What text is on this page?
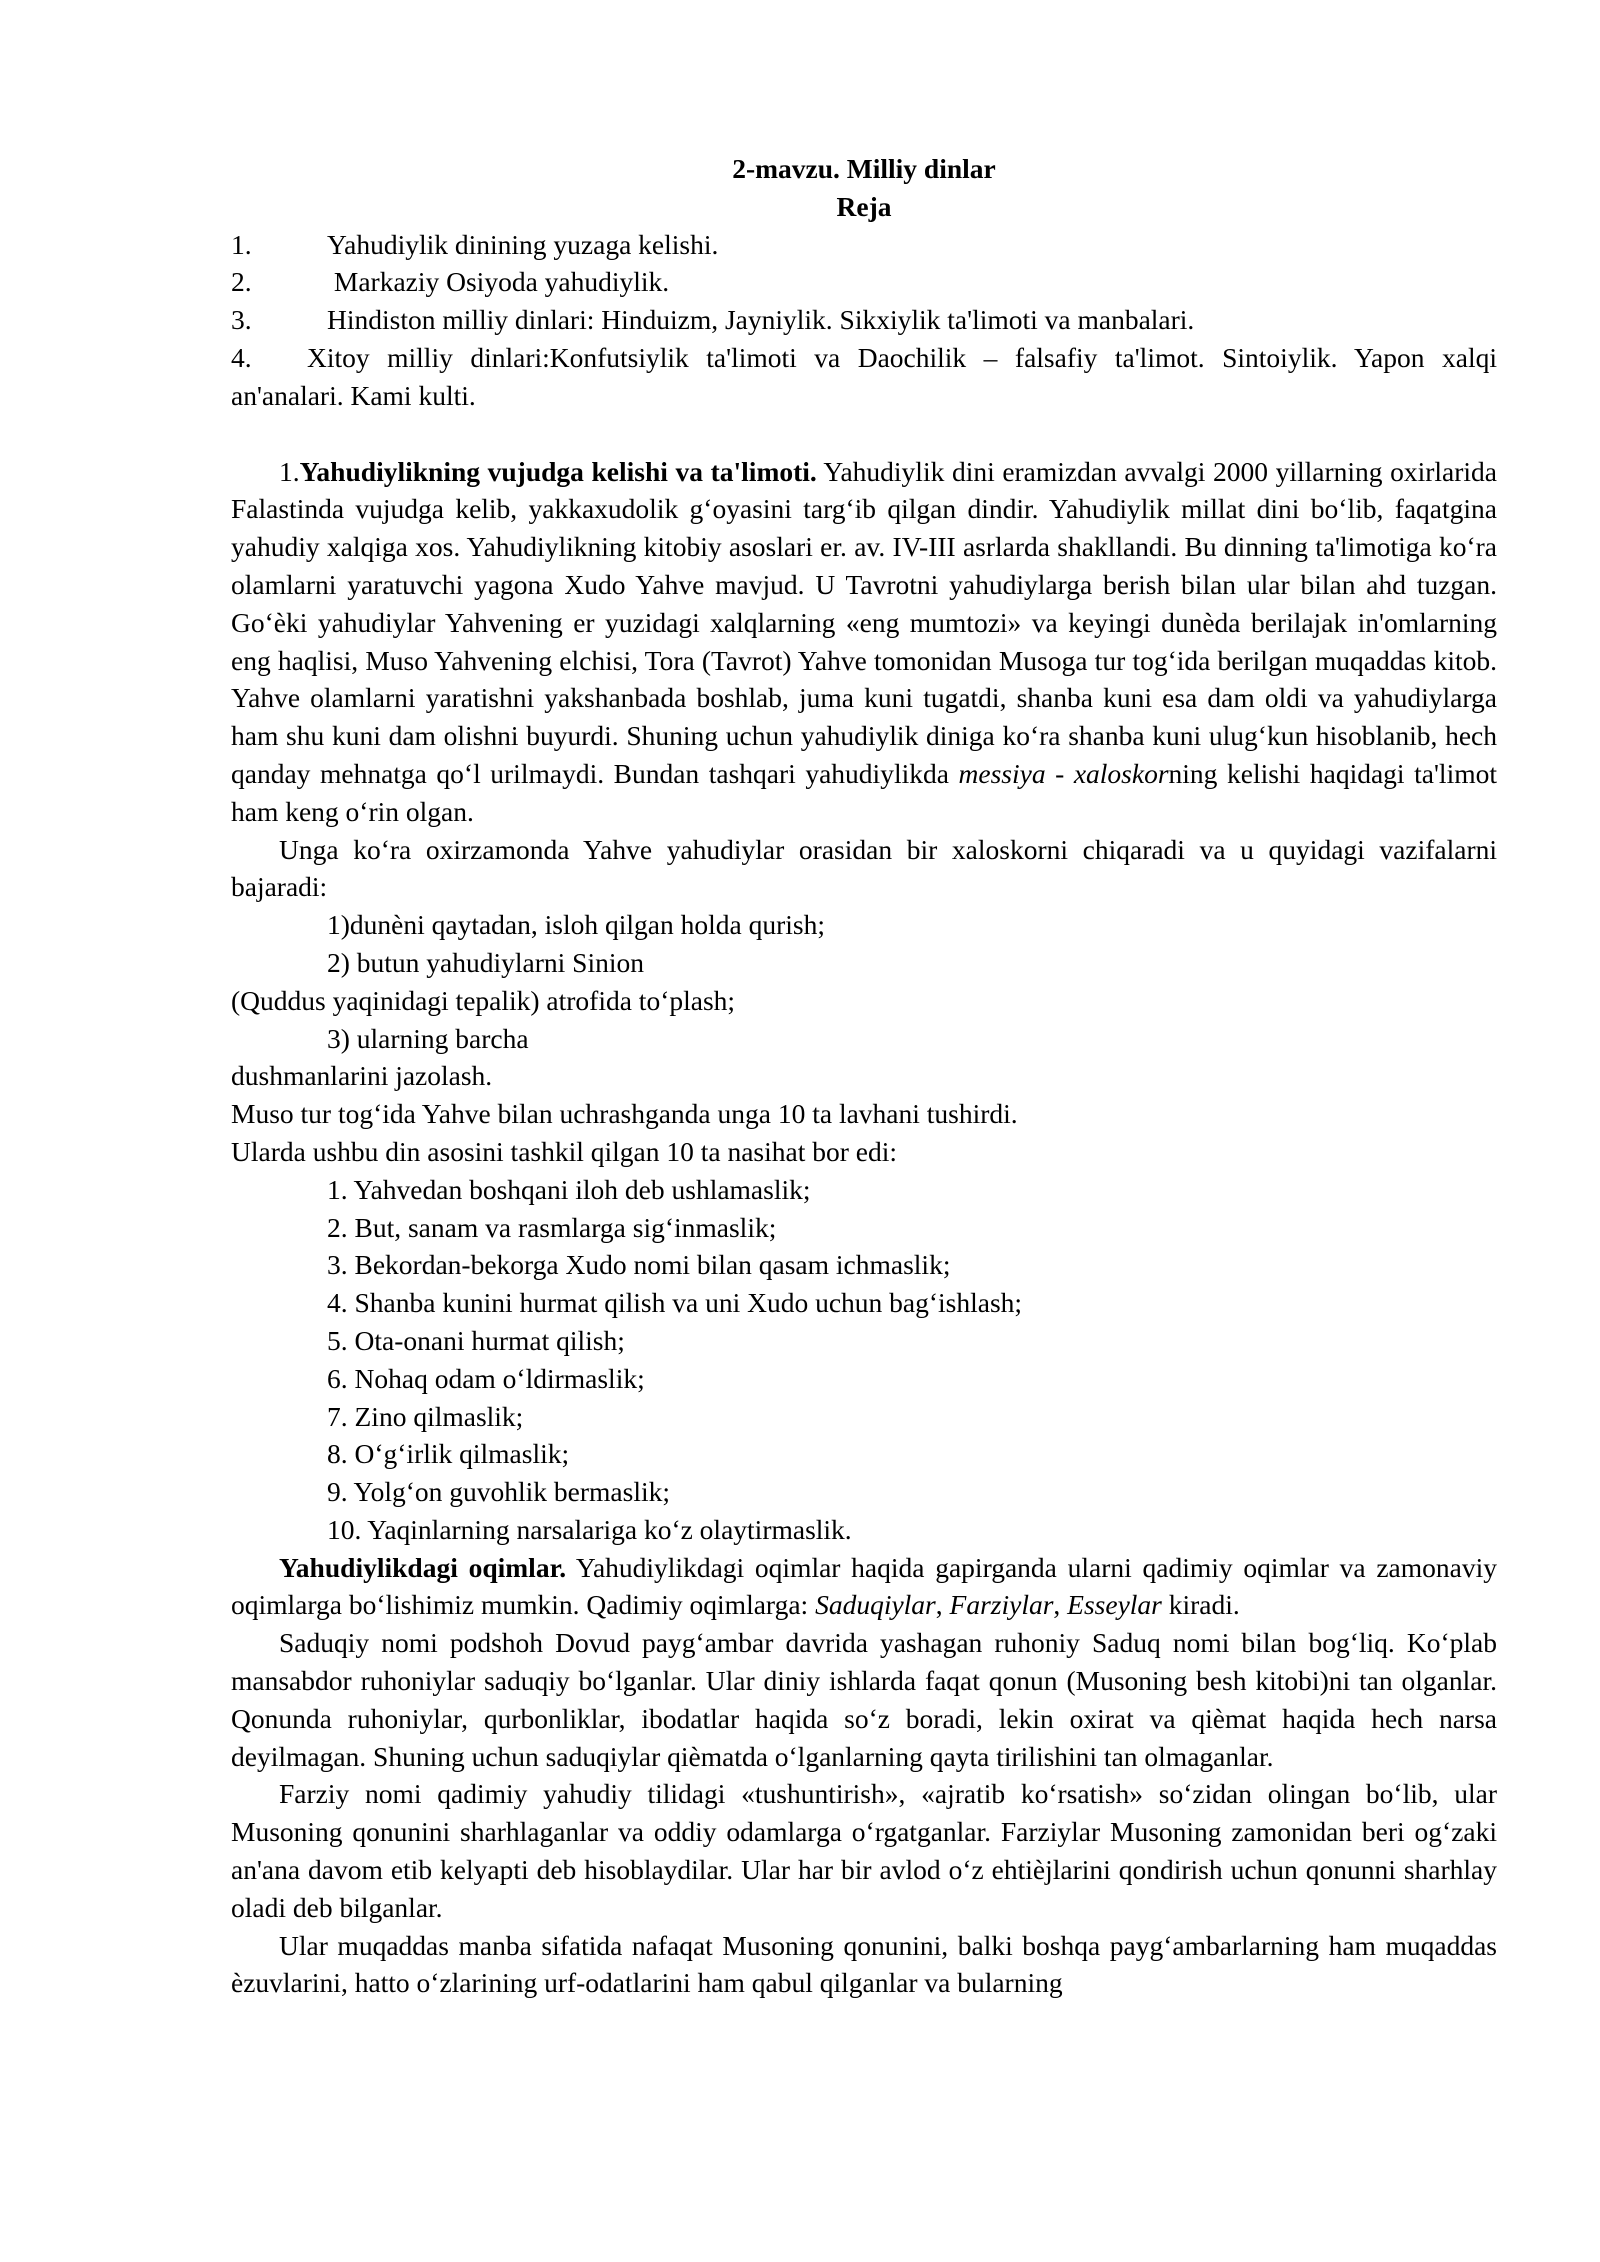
2-mavzu. Milliy dinlar
Reja
1.	Yahudiylik dinining yuzaga kelishi.
2.	Markaziy Osiyoda yahudiylik.
3.	Hindiston milliy dinlari: Hinduizm, Jayniylik. Sikxiylik ta'limoti va manbalari.
4. Xitoy milliy dinlari:Konfutsiylik ta'limoti va Daochilik – falsafiy ta'limot. Sintoiylik. Yapon xalqi an'analari. Kami kulti.

1.Yahudiylikning vujudga kelishi va ta'limoti. Yahudiylik dini eramizdan avvalgi 2000 yillarning oxirlarida Falastinda vujudga kelib, yakkaxudolik g‘oyasini targ‘ib qilgan dindir. Yahudiylik millat dini bo‘lib, faqatgina yahudiy xalqiga xos. Yahudiylikning kitobiy asoslari er. av. IV-III asrlarda shakllandi. Bu dinning ta'limotiga ko‘ra olamlarni yaratuvchi yagona Xudo Yahve mavjud. U Tavrotni yahudiylarga berish bilan ular bilan ahd tuzgan. Go‘èki yahudiylar Yahvening er yuzidagi xalqlarning «eng mumtozi» va keyingi dunèda berilajak in'omlarning eng haqlisi, Muso Yahvening elchisi, Tora (Tavrot) Yahve tomonidan Musoga tur tog‘ida berilgan muqaddas kitob. Yahve olamlarni yaratishni yakshanbada boshlab, juma kuni tugatdi, shanba kuni esa dam oldi va yahudiylarga ham shu kuni dam olishni buyurdi. Shuning uchun yahudiylik diniga ko‘ra shanba kuni ulug‘kun hisoblanib, hech qanday mehnatga qo‘l urilmaydi. Bundan tashqari yahudiylikda messiya - xaloskorning kelishi haqidagi ta'limot ham keng o‘rin olgan.

Unga ko‘ra oxirzamonda Yahve yahudiylar orasidan bir xaloskorni chiqaradi va u quyidagi vazifalarni bajaradi:

1)dunèni qaytadan, isloh qilgan holda qurish;
2) butun yahudiylarni Sinion
(Quddus yaqinidagi tepalik) atrofida to‘plash;
3) ularning barcha
dushmanlarini jazolash.

Muso tur tog‘ida Yahve bilan uchrashganda unga 10 ta lavhani tushirdi.

Ularda ushbu din asosini tashkil qilgan 10 ta nasihat bor edi:

1. Yahvedan boshqani iloh deb ushlamaslik;
2. But, sanam va rasmlarga sig‘inmaslik;
3. Bekordan-bekorga Xudo nomi bilan qasam ichmaslik;
4. Shanba kunini hurmat qilish va uni Xudo uchun bag‘ishlash;
5. Ota-onani hurmat qilish;
6. Nohaq odam o‘ldirmaslik;
7. Zino qilmaslik;
8. O‘g‘irlik qilmaslik;
9. Yolg‘on guvohlik bermaslik;
10. Yaqinlarning narsalariga ko‘z olaytirmaslik.

Yahudiylikdagi oqimlar. Yahudiylikdagi oqimlar haqida gapirganda ularni qadimiy oqimlar va zamonaviy oqimlarga bo‘lishimiz mumkin. Qadimiy oqimlarga: Saduqiylar, Farziylar, Esseylar kiradi.

Saduqiy nomi podshoh Dovud payg‘ambar davrida yashagan ruhoniy Saduq nomi bilan bog‘liq. Ko‘plab mansabdor ruhoniylar saduqiy bo‘lganlar. Ular diniy ishlarda faqat qonun (Musoning besh kitobi)ni tan olganlar. Qonunda ruhoniylar, qurbonliklar, ibodatlar haqida so‘z boradi, lekin oxirat va qièmat haqida hech narsa deyilmagan. Shuning uchun saduqiylar qièmatda o‘lganlarning qayta tirilishini tan olmaganlar.

Farziy nomi qadimiy yahudiy tilidagi «tushuntirish», «ajratib ko‘rsatish» so‘zidan olingan bo‘lib, ular Musoning qonunini sharhlaganlar va oddiy odamlarga o‘rgatganlar. Farziylar Musoning zamonidan beri og‘zaki an'ana davom etib kelyapti deb hisoblaydilar. Ular har bir avlod o‘z ehtièjlarini qondirish uchun qonunni sharhlay oladi deb bilganlar.

Ular muqaddas manba sifatida nafaqat Musoning qonunini, balki boshqa payg‘ambarlarning ham muqaddas èzuvlarini, hatto o‘zlarining urf-odatlarini ham qabul qilganlar va bularning
